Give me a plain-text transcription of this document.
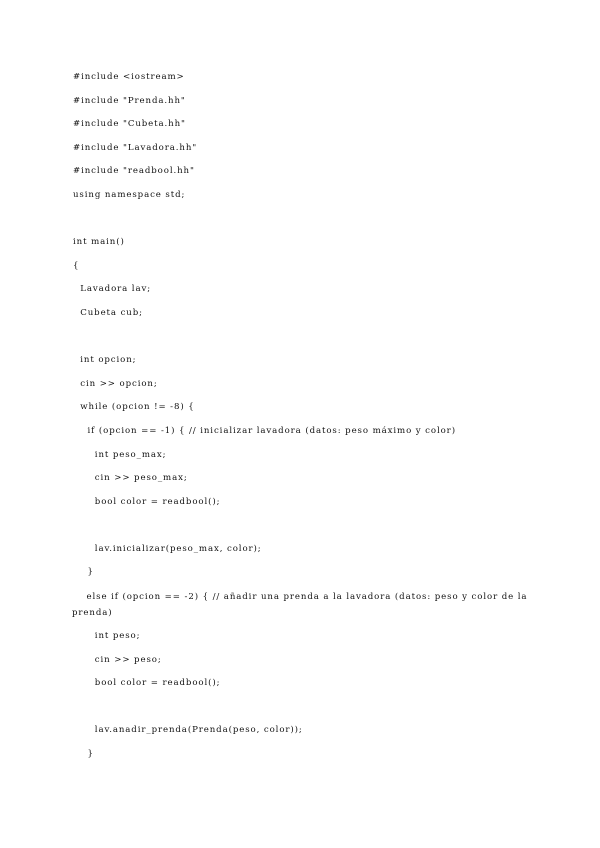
#include <iostream>
#include "Prenda.hh"
#include "Cubeta.hh"
#include "Lavadora.hh"
#include "readbool.hh"
using namespace std;
int main()
{
Lavadora lav;
Cubeta cub;
int opcion;
cin >> opcion;
while (opcion != -8) {
if (opcion == -1) { // inicializar lavadora (datos: peso máximo y color)
int peso_max;
cin >> peso_max;
bool color = readbool();
lav.inicializar(peso_max, color);
}
else if (opcion == -2) { // añadir una prenda a la lavadora (datos: peso y color de la prenda)
int peso;
cin >> peso;
bool color = readbool();
lav.anadir_prenda(Prenda(peso, color));
}
